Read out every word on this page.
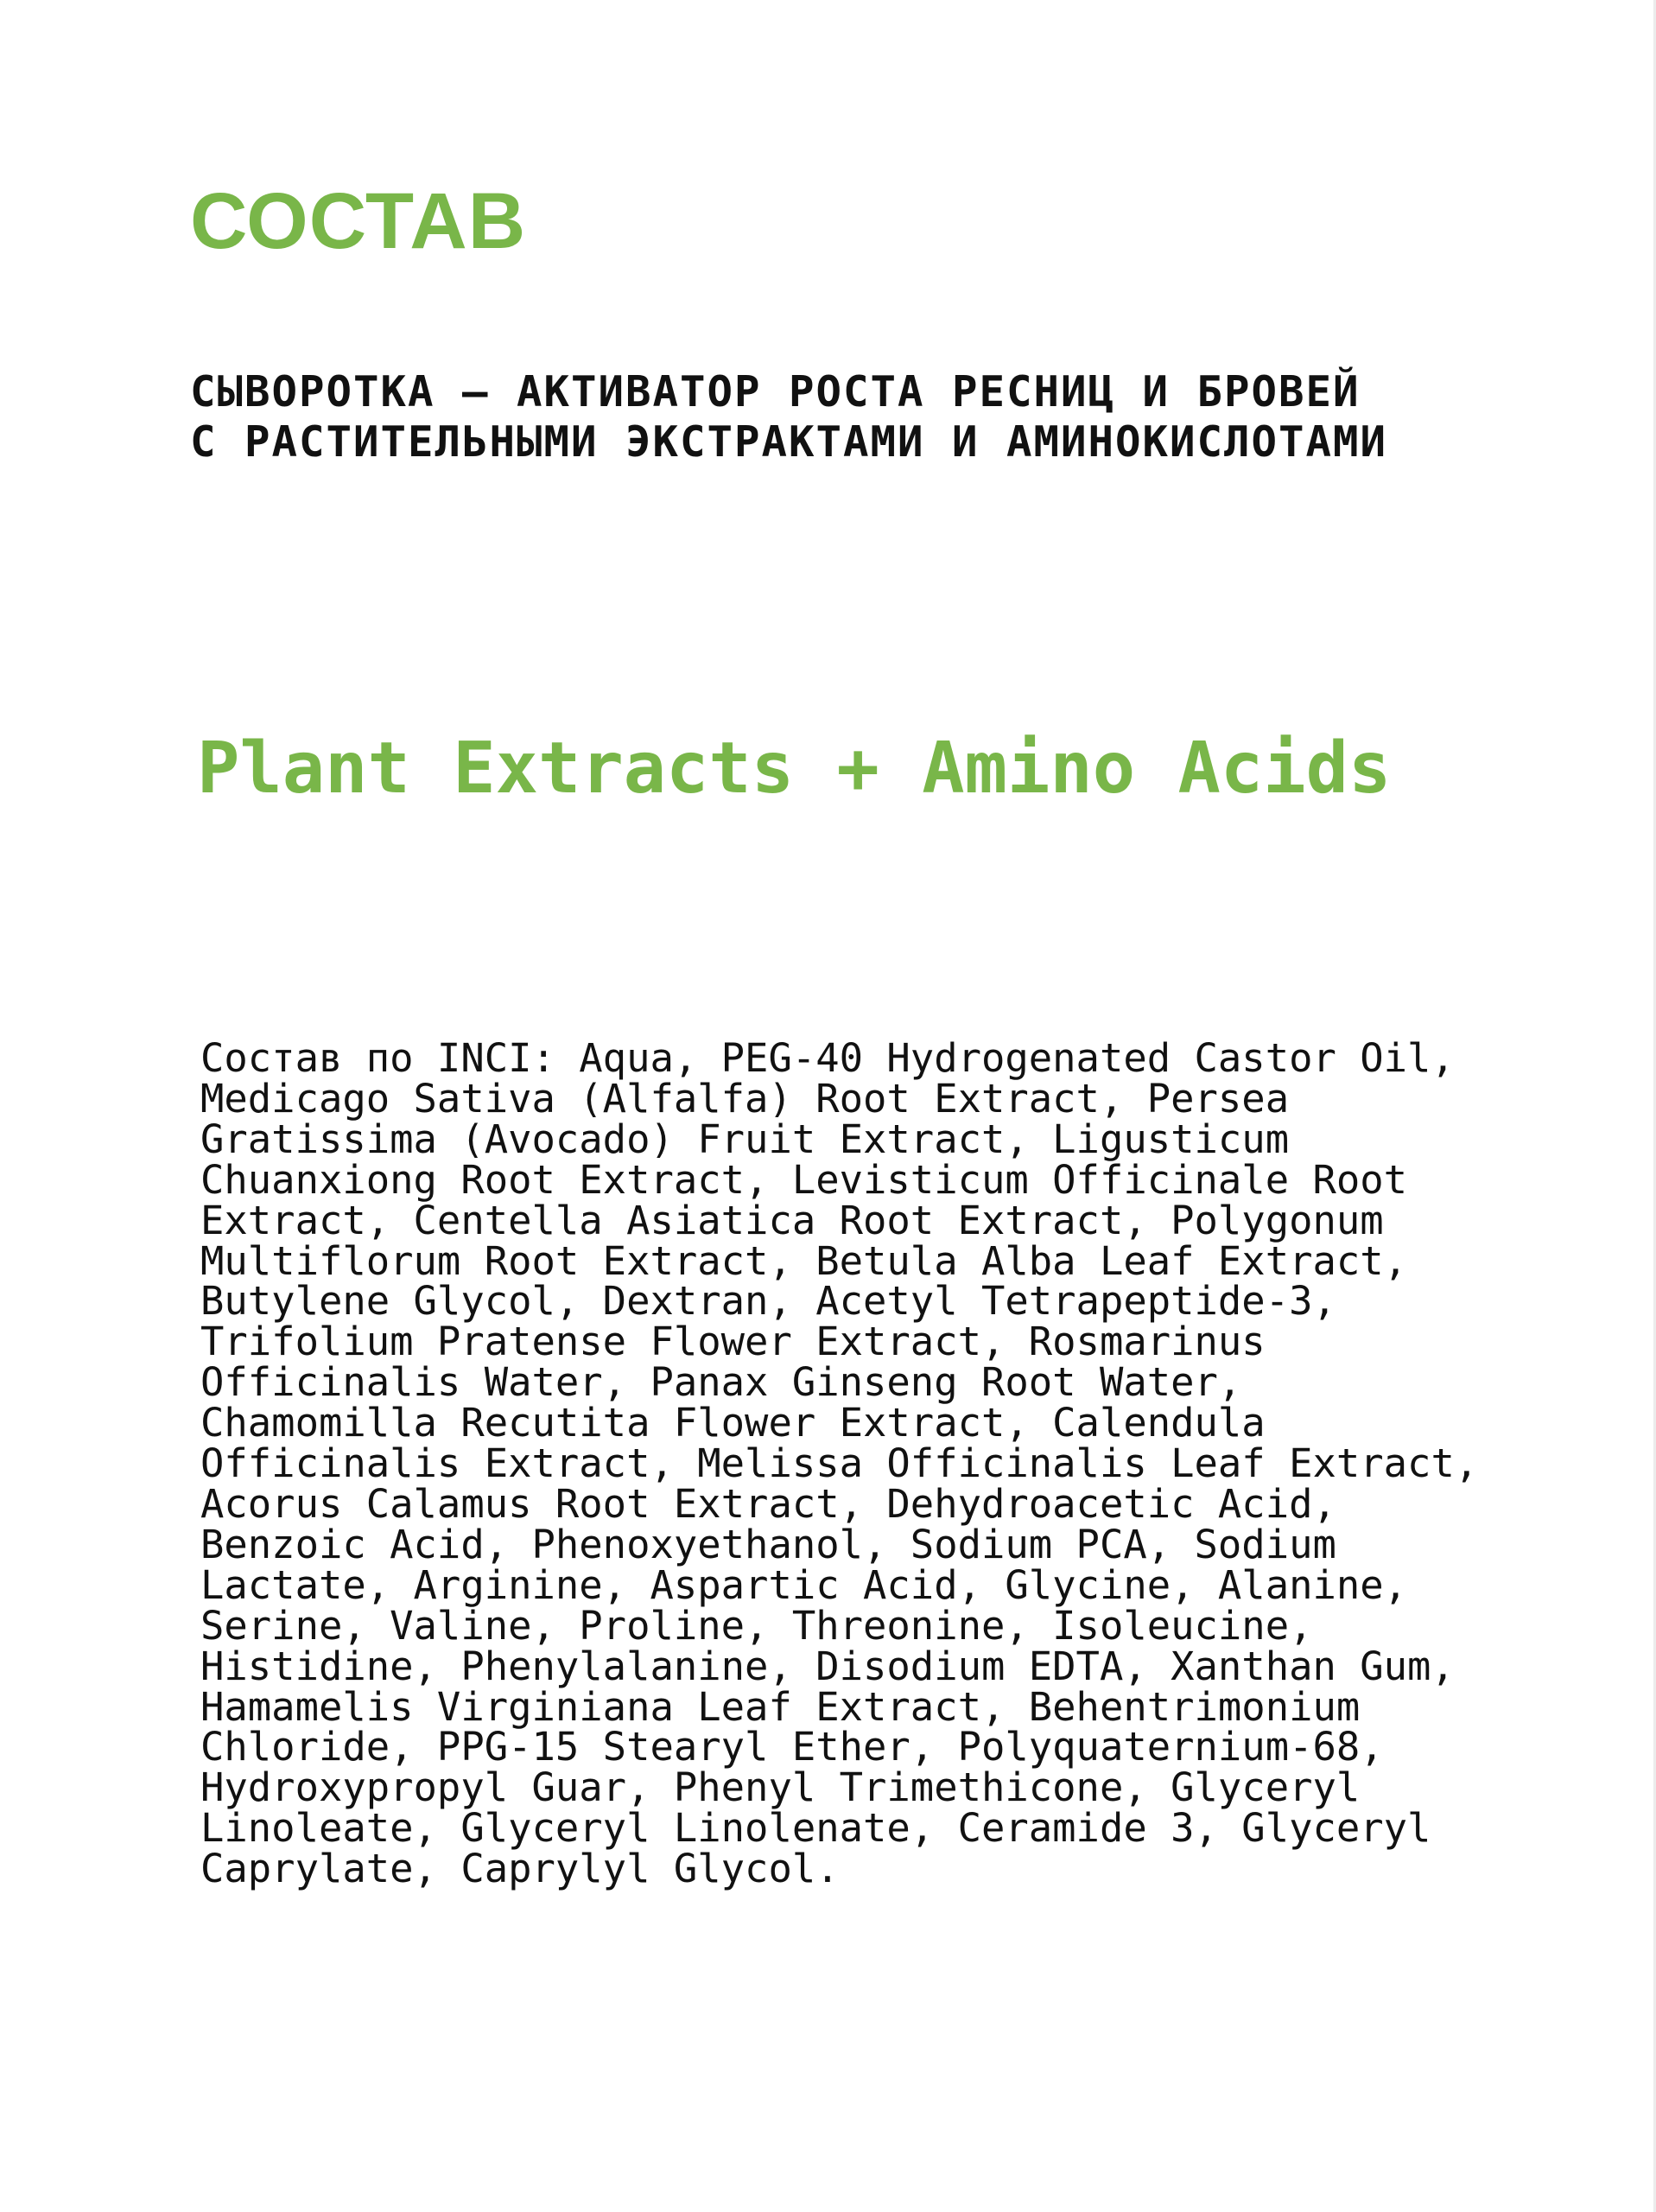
СОСТАВ
СЫВОРОТКА — АКТИВАТОР РОСТА РЕСНИЦ И БРОВЕЙ
С РАСТИТЕЛЬНЫМИ ЭКСТРАКТАМИ И АМИНОКИСЛОТАМИ
Plant Extracts + Amino Acids
Состав по INCI: Aqua, PEG-40 Hydrogenated Castor Oil,
Medicago Sativa (Alfalfa) Root Extract, Persea
Gratissima (Avocado) Fruit Extract, Ligusticum
Chuanxiong Root Extract, Levisticum Officinale Root
Extract, Centella Asiatica Root Extract, Polygonum
Multiflorum Root Extract, Betula Alba Leaf Extract,
Butylene Glycol, Dextran, Acetyl Tetrapeptide-3,
Trifolium Pratense Flower Extract, Rosmarinus
Officinalis Water, Panax Ginseng Root Water,
Chamomilla Recutita Flower Extract, Calendula
Officinalis Extract, Melissa Officinalis Leaf Extract,
Acorus Calamus Root Extract, Dehydroacetic Acid,
Benzoic Acid, Phenoxyethanol, Sodium PCA, Sodium
Lactate, Arginine, Aspartic Acid, Glycine, Alanine,
Serine, Valine, Proline, Threonine, Isoleucine,
Histidine, Phenylalanine, Disodium EDTA, Xanthan Gum,
Hamamelis Virginiana Leaf Extract, Behentrimonium
Chloride, PPG-15 Stearyl Ether, Polyquaternium-68,
Hydroxypropyl Guar, Phenyl Trimethicone, Glyceryl
Linoleate, Glyceryl Linolenate, Ceramide 3, Glyceryl
Caprylate, Caprylyl Glycol.
